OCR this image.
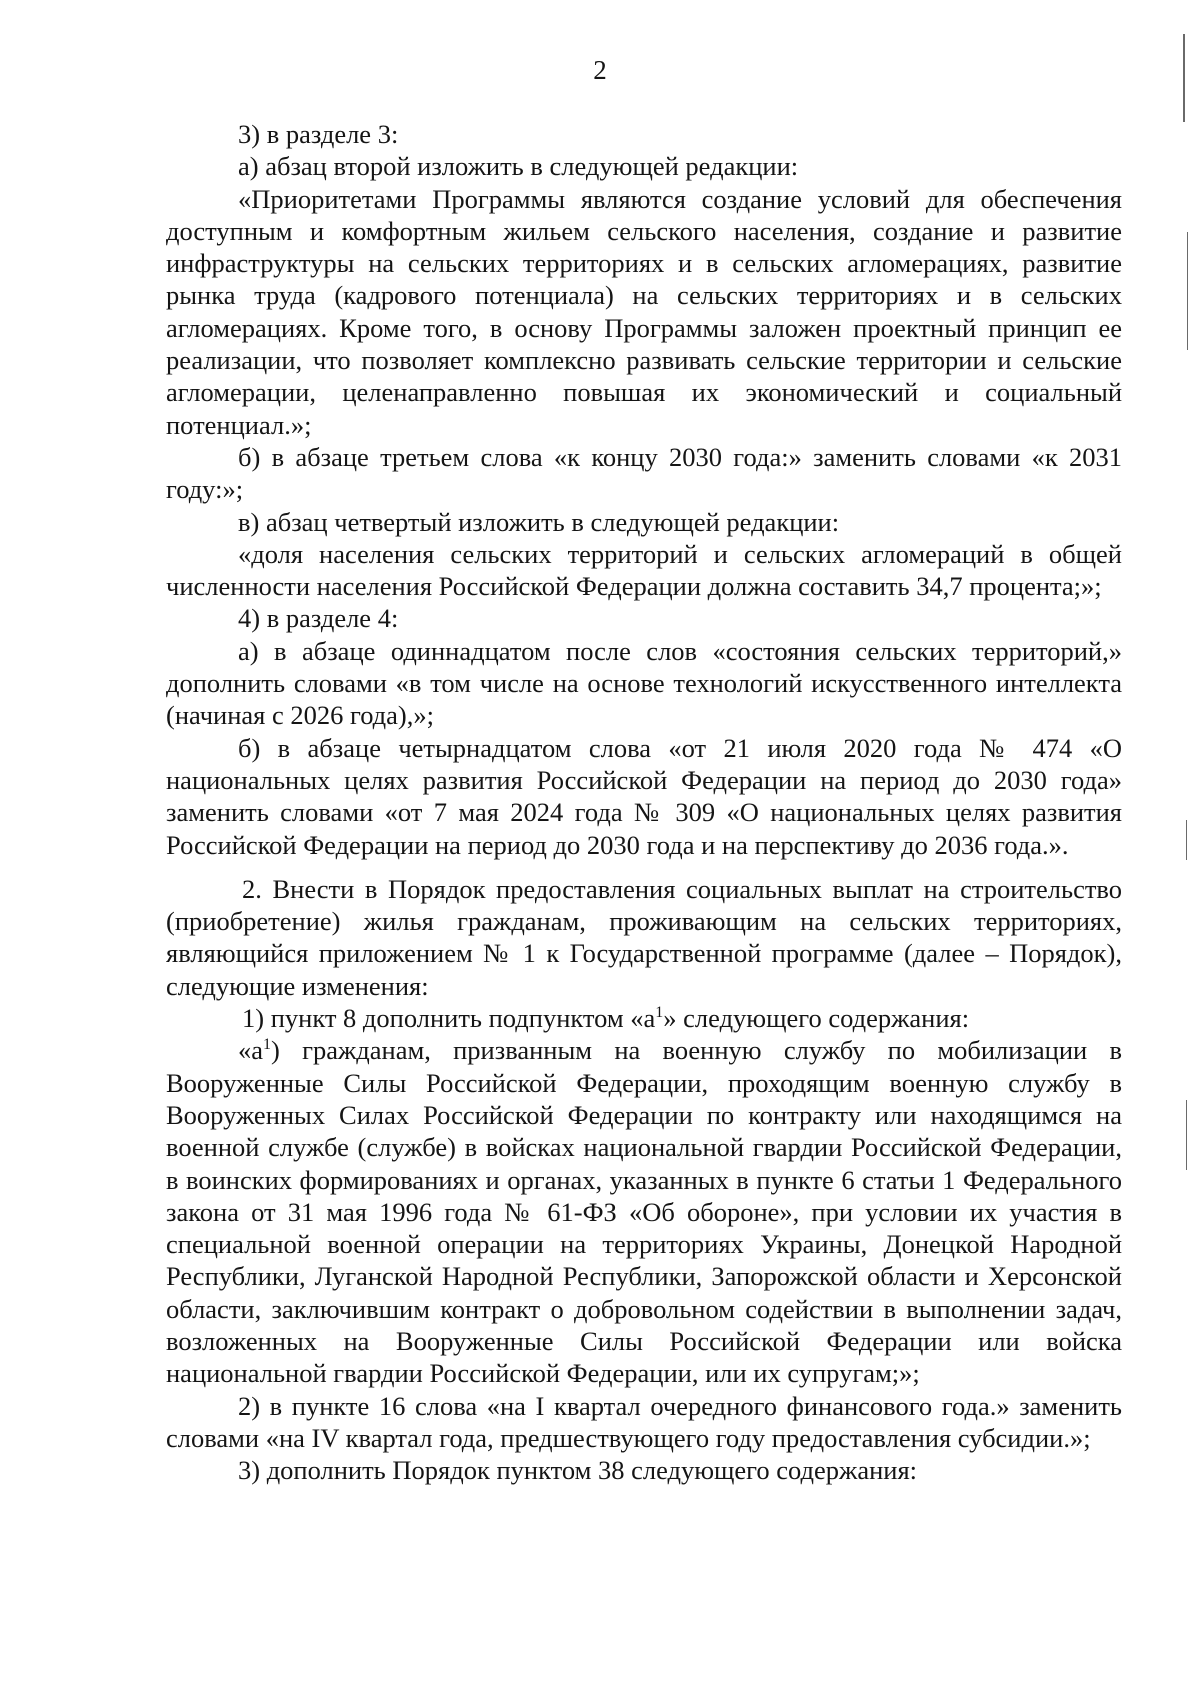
2

3) в разделе 3:

а) абзац второй изложить в следующей редакции:

«Приоритетами Программы являются создание условий для обеспечения доступным и комфортным жильем сельского населения, создание и развитие инфраструктуры на сельских территориях и в сельских агломерациях, развитие рынка труда (кадрового потенциала) на сельских территориях и в сельских агломерациях. Кроме того, в основу Программы заложен проектный принцип ее реализации, что позволяет комплексно развивать сельские территории и сельские агломерации, целенаправленно повышая их экономический и социальный потенциал.»;

б) в абзаце третьем слова «к концу 2030 года:» заменить словами «к 2031 году:»;

в) абзац четвертый изложить в следующей редакции:

«доля населения сельских территорий и сельских агломераций в общей численности населения Российской Федерации должна составить 34,7 процента;»;

4) в разделе 4:

а) в абзаце одиннадцатом после слов «состояния сельских территорий,» дополнить словами «в том числе на основе технологий искусственного интеллекта (начиная с 2026 года),»;

б) в абзаце четырнадцатом слова «от 21 июля 2020 года № 474 «О национальных целях развития Российской Федерации на период до 2030 года» заменить словами «от 7 мая 2024 года № 309 «О национальных целях развития Российской Федерации на период до 2030 года и на перспективу до 2036 года.».

2. Внести в Порядок предоставления социальных выплат на строительство (приобретение) жилья гражданам, проживающим на сельских территориях, являющийся приложением № 1 к Государственной программе (далее – Порядок), следующие изменения:

1) пункт 8 дополнить подпунктом «$а^1$» следующего содержания:

«$а^1$) гражданам, призванным на военную службу по мобилизации в Вооруженные Силы Российской Федерации, проходящим военную службу в Вооруженных Силах Российской Федерации по контракту или находящимся на военной службе (службе) в войсках национальной гвардии Российской Федерации, в воинских формированиях и органах, указанных в пункте 6 статьи 1 Федерального закона от 31 мая 1996 года № 61-ФЗ «Об обороне», при условии их участия в специальной военной операции на территориях Украины, Донецкой Народной Республики, Луганской Народной Республики, Запорожской области и Херсонской области, заключившим контракт о добровольном содействии в выполнении задач, возложенных на Вооруженные Силы Российской Федерации или войска национальной гвардии Российской Федерации, или их супругам;»;

2) в пункте 16 слова «на I квартал очередного финансового года.» заменить словами «на IV квартал года, предшествующего году предоставления субсидии.»;

3) дополнить Порядок пунктом 38 следующего содержания:
